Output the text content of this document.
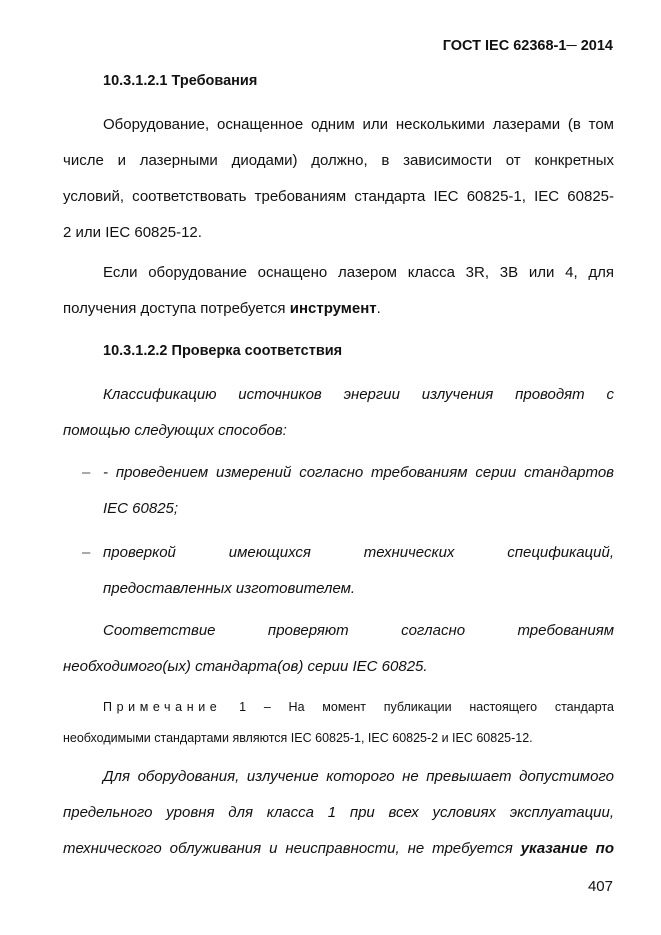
ГОСТ IEC 62368-1─ 2014
10.3.1.2.1 Требования
Оборудование, оснащенное одним или несколькими лазерами (в том
числе и лазерными диодами) должно, в зависимости от конкретных
условий, соответствовать требованиям стандарта IEC 60825-1, IEC 60825-
2 или IEC 60825-12.
Если оборудование оснащено лазером класса 3R, 3B или 4, для
получения доступа потребуется инструмент.
10.3.1.2.2 Проверка соответствия
Классификацию источников энергии излучения проводят с
помощью следующих способов:
– - проведением измерений согласно требованиям серии стандартов
IEC 60825;
– проверкой имеющихся технических спецификаций,
предоставленных изготовителем.
Соответствие проверяют согласно требованиям
необходимого(ых) стандарта(ов) серии IEC 60825.
Примечание 1 – На момент публикации настоящего стандарта
необходимыми стандартами являются IEC 60825-1, IEC 60825-2 и IEC 60825-12.
Для оборудования, излучение которого не превышает допустимого
предельного уровня для класса 1 при всех условиях эксплуатации,
технического облуживания и неисправности, не требуется указание по
407
